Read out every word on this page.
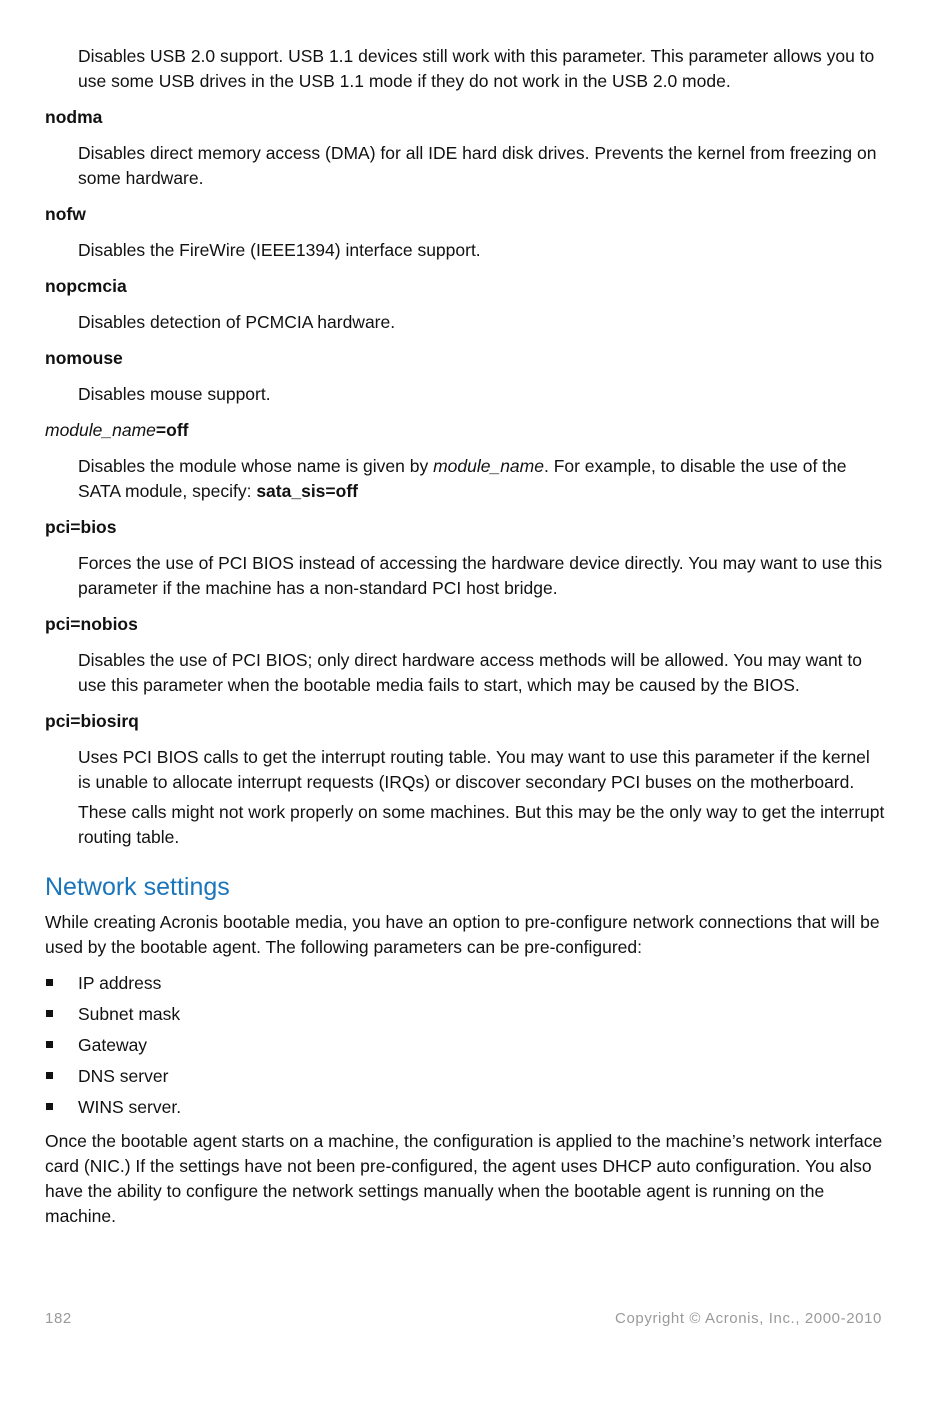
Disables USB 2.0 support. USB 1.1 devices still work with this parameter. This parameter allows you to use some USB drives in the USB 1.1 mode if they do not work in the USB 2.0 mode.
nodma
Disables direct memory access (DMA) for all IDE hard disk drives. Prevents the kernel from freezing on some hardware.
nofw
Disables the FireWire (IEEE1394) interface support.
nopcmcia
Disables detection of PCMCIA hardware.
nomouse
Disables mouse support.
module_name=off
Disables the module whose name is given by module_name. For example, to disable the use of the SATA module, specify: sata_sis=off
pci=bios
Forces the use of PCI BIOS instead of accessing the hardware device directly. You may want to use this parameter if the machine has a non-standard PCI host bridge.
pci=nobios
Disables the use of PCI BIOS; only direct hardware access methods will be allowed. You may want to use this parameter when the bootable media fails to start, which may be caused by the BIOS.
pci=biosirq
Uses PCI BIOS calls to get the interrupt routing table. You may want to use this parameter if the kernel is unable to allocate interrupt requests (IRQs) or discover secondary PCI buses on the motherboard.
These calls might not work properly on some machines. But this may be the only way to get the interrupt routing table.
Network settings
While creating Acronis bootable media, you have an option to pre-configure network connections that will be used by the bootable agent. The following parameters can be pre-configured:
IP address
Subnet mask
Gateway
DNS server
WINS server.
Once the bootable agent starts on a machine, the configuration is applied to the machine’s network interface card (NIC.) If the settings have not been pre-configured, the agent uses DHCP auto configuration. You also have the ability to configure the network settings manually when the bootable agent is running on the machine.
182	Copyright © Acronis, Inc., 2000-2010
